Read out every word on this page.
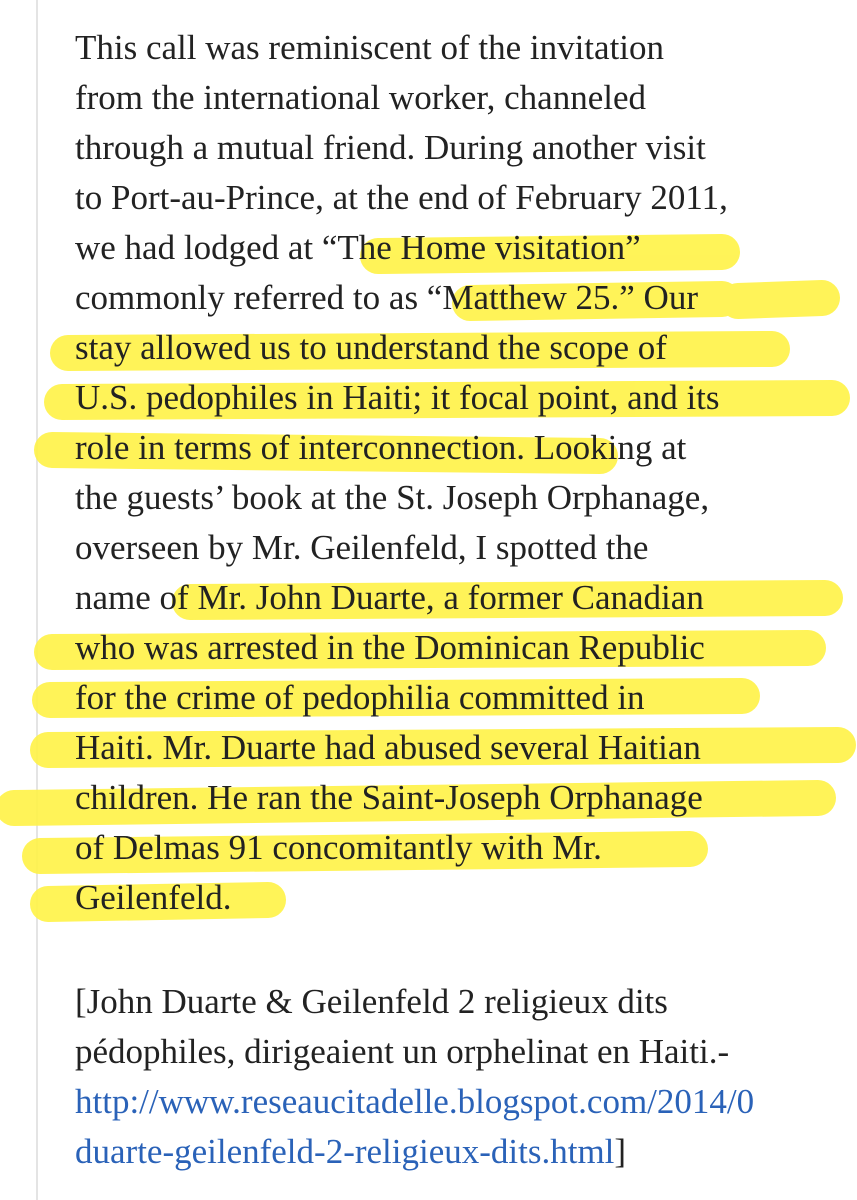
This call was reminiscent of the invitation
from the international worker, channeled
through a mutual friend. During another visit
to Port-au-Prince, at the end of February 2011,
we had lodged at “The Home visitation”
commonly referred to as “Matthew 25.” Our
stay allowed us to understand the scope of
U.S. pedophiles in Haiti; it focal point, and its
role in terms of interconnection. Looking at
the guests’ book at the St. Joseph Orphanage,
overseen by Mr. Geilenfeld, I spotted the
name of Mr. John Duarte, a former Canadian
who was arrested in the Dominican Republic
for the crime of pedophilia committed in
Haiti. Mr. Duarte had abused several Haitian
children. He ran the Saint-Joseph Orphanage
of Delmas 91 concomitantly with Mr.
Geilenfeld.
[John Duarte & Geilenfeld 2 religieux dits
pédophiles, dirigeaient un orphelinat en Haiti.-
http://www.reseaucitadelle.blogspot.com/2014/0
duarte-geilenfeld-2-religieux-dits.html]
